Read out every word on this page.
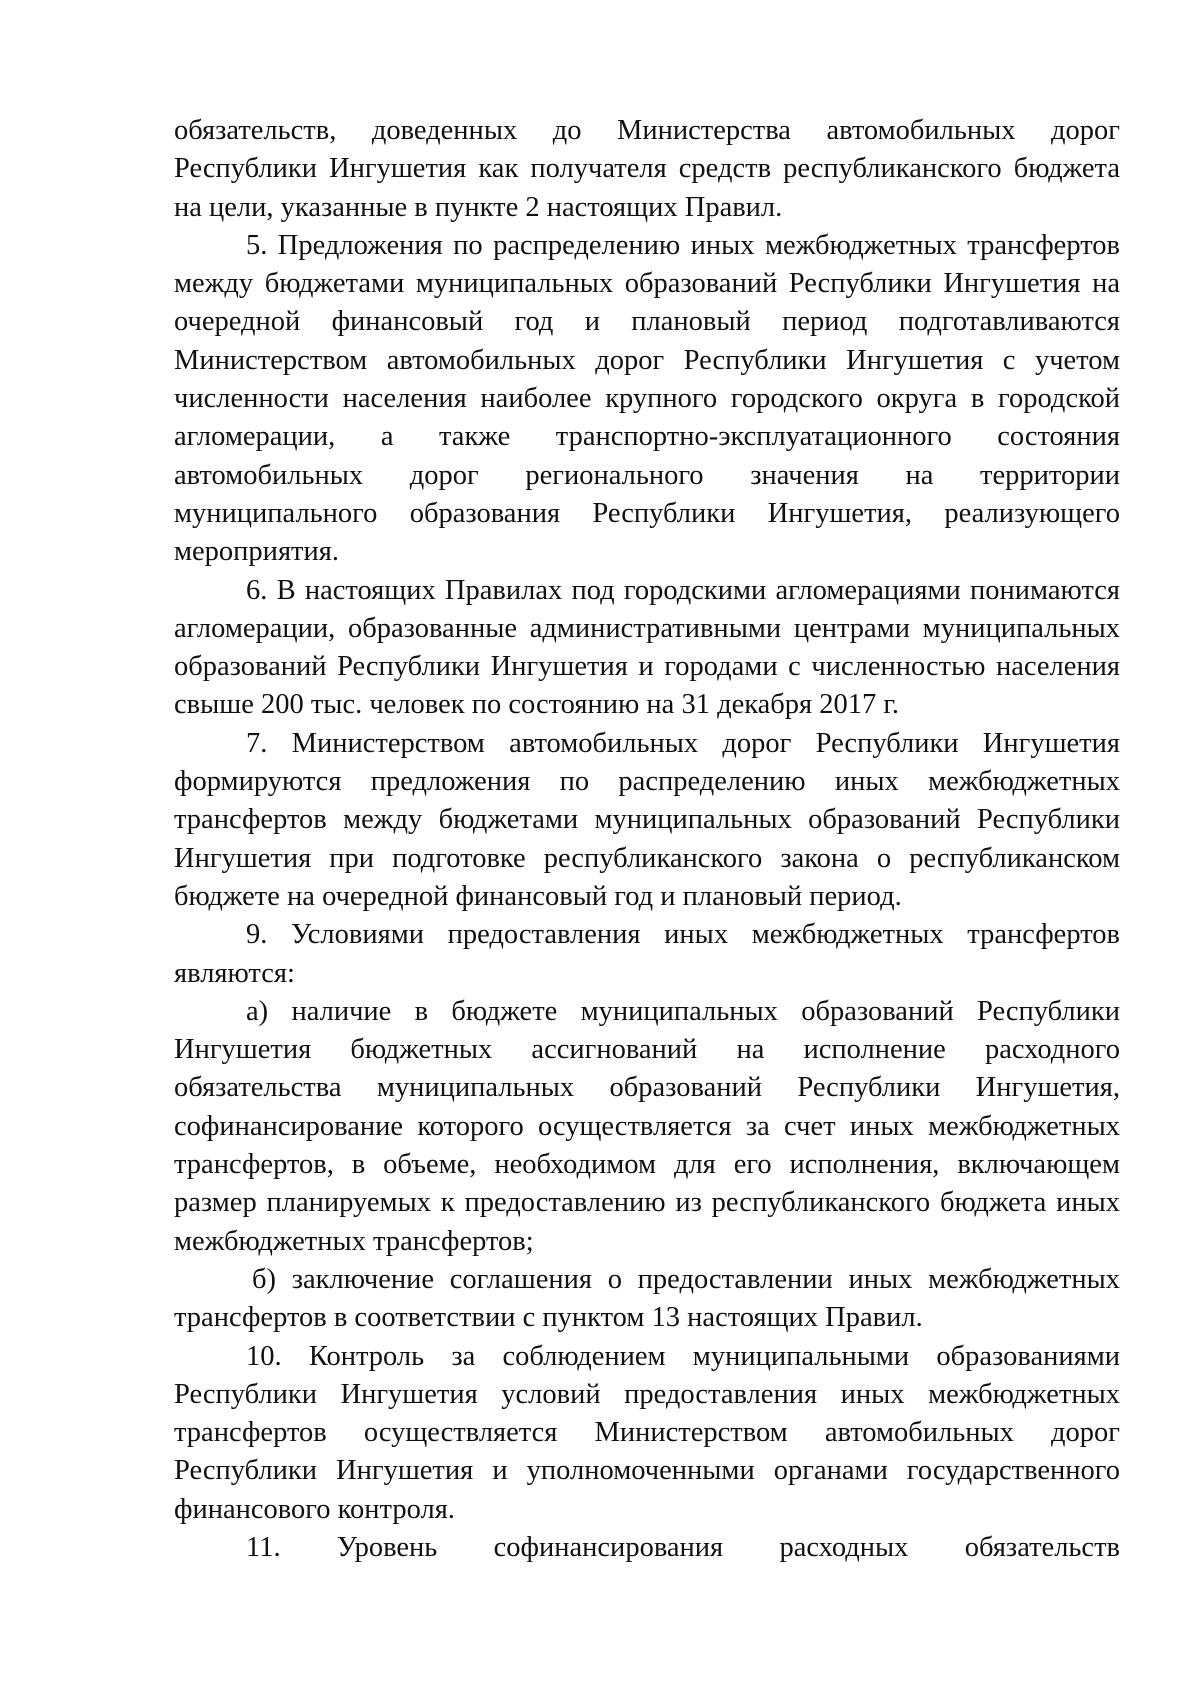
обязательств, доведенных до Министерства автомобильных дорог Республики Ингушетия как получателя средств республиканского бюджета на цели, указанные в пункте 2 настоящих Правил.

5. Предложения по распределению иных межбюджетных трансфертов между бюджетами муниципальных образований Республики Ингушетия на очередной финансовый год и плановый период подготавливаются Министерством автомобильных дорог Республики Ингушетия с учетом численности населения наиболее крупного городского округа в городской агломерации, а также транспортно-эксплуатационного состояния автомобильных дорог регионального значения на территории муниципального образования Республики Ингушетия, реализующего мероприятия.

6. В настоящих Правилах под городскими агломерациями понимаются агломерации, образованные административными центрами муниципальных образований Республики Ингушетия и городами с численностью населения свыше 200 тыс. человек по состоянию на 31 декабря 2017 г.

7. Министерством автомобильных дорог Республики Ингушетия формируются предложения по распределению иных межбюджетных трансфертов между бюджетами муниципальных образований Республики Ингушетия при подготовке республиканского закона о республиканском бюджете на очередной финансовый год и плановый период.

9. Условиями предоставления иных межбюджетных трансфертов являются:

а) наличие в бюджете муниципальных образований Республики Ингушетия бюджетных ассигнований на исполнение расходного обязательства муниципальных образований Республики Ингушетия, софинансирование которого осуществляется за счет иных межбюджетных трансфертов, в объеме, необходимом для его исполнения, включающем размер планируемых к предоставлению из республиканского бюджета иных межбюджетных трансфертов;

б) заключение соглашения о предоставлении иных межбюджетных трансфертов в соответствии с пунктом 13 настоящих Правил.

10. Контроль за соблюдением муниципальными образованиями Республики Ингушетия условий предоставления иных межбюджетных трансфертов осуществляется Министерством автомобильных дорог Республики Ингушетия и уполномоченными органами государственного финансового контроля.

11. Уровень софинансирования расходных обязательств
